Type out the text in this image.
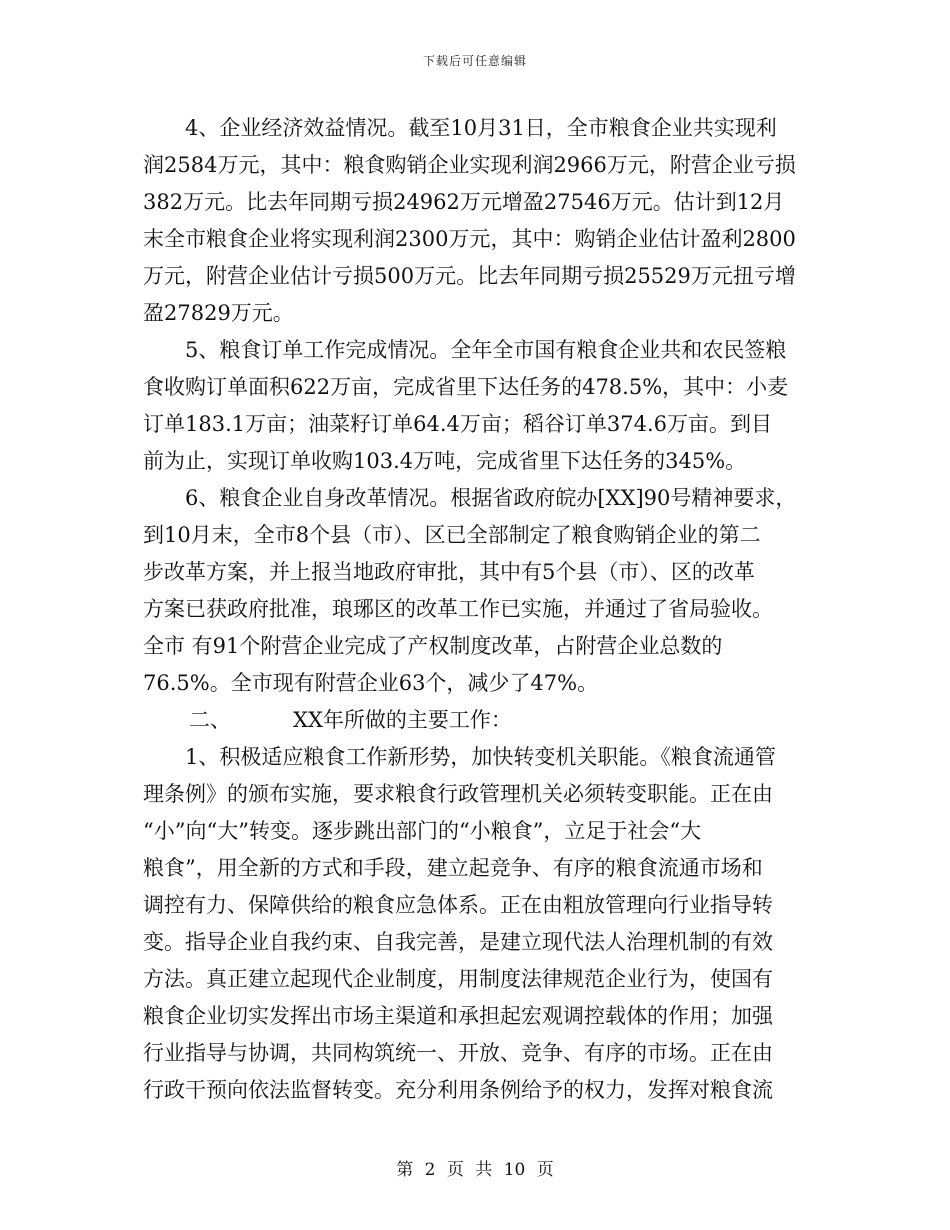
下载后可任意编辑
4、企业经济效益情况。截至10月31日，全市粮食企业共实现利
润2584万元，其中：粮食购销企业实现利润2966万元，附营企业亏损
382万元。比去年同期亏损24962万元增盈27546万元。估计到12月
末全市粮食企业将实现利润2300万元，其中：购销企业估计盈利2800
万元，附营企业估计亏损500万元。比去年同期亏损25529万元扭亏增
盈27829万元。
5、粮食订单工作完成情况。全年全市国有粮食企业共和农民签粮
食收购订单面积622万亩，完成省里下达任务的478.5%，其中：小麦
订单183.1万亩；油菜籽订单64.4万亩；稻谷订单374.6万亩。到目
前为止，实现订单收购103.4万吨，完成省里下达任务的345%。
6、粮食企业自身改革情况。根据省政府皖办[XX]90号精神要求，
到10月末，全市8个县（市）、区已全部制定了粮食购销企业的第二
步改革方案，并上报当地政府审批，其中有5个县（市）、区的改革
方案已获政府批准，琅琊区的改革工作已实施，并通过了省局验收。
全市 有91个附营企业完成了产权制度改革，占附营企业总数的
76.5%。全市现有附营企业63个，减少了47%。
二、	XX年所做的主要工作：
1、积极适应粮食工作新形势，加快转变机关职能。《粮食流通管
理条例》的颁布实施，要求粮食行政管理机关必须转变职能。正在由
“小”向“大”转变。逐步跳出部门的“小粮食”，立足于社会“大
粮食”，用全新的方式和手段，建立起竞争、有序的粮食流通市场和
调控有力、保障供给的粮食应急体系。正在由粗放管理向行业指导转
变。指导企业自我约束、自我完善，是建立现代法人治理机制的有效
方法。真正建立起现代企业制度，用制度法律规范企业行为，使国有
粮食企业切实发挥出市场主渠道和承担起宏观调控载体的作用；加强
行业指导与协调，共同构筑统一、开放、竞争、有序的市场。正在由
行政干预向依法监督转变。充分利用条例给予的权力，发挥对粮食流
第 2 页 共 10 页
